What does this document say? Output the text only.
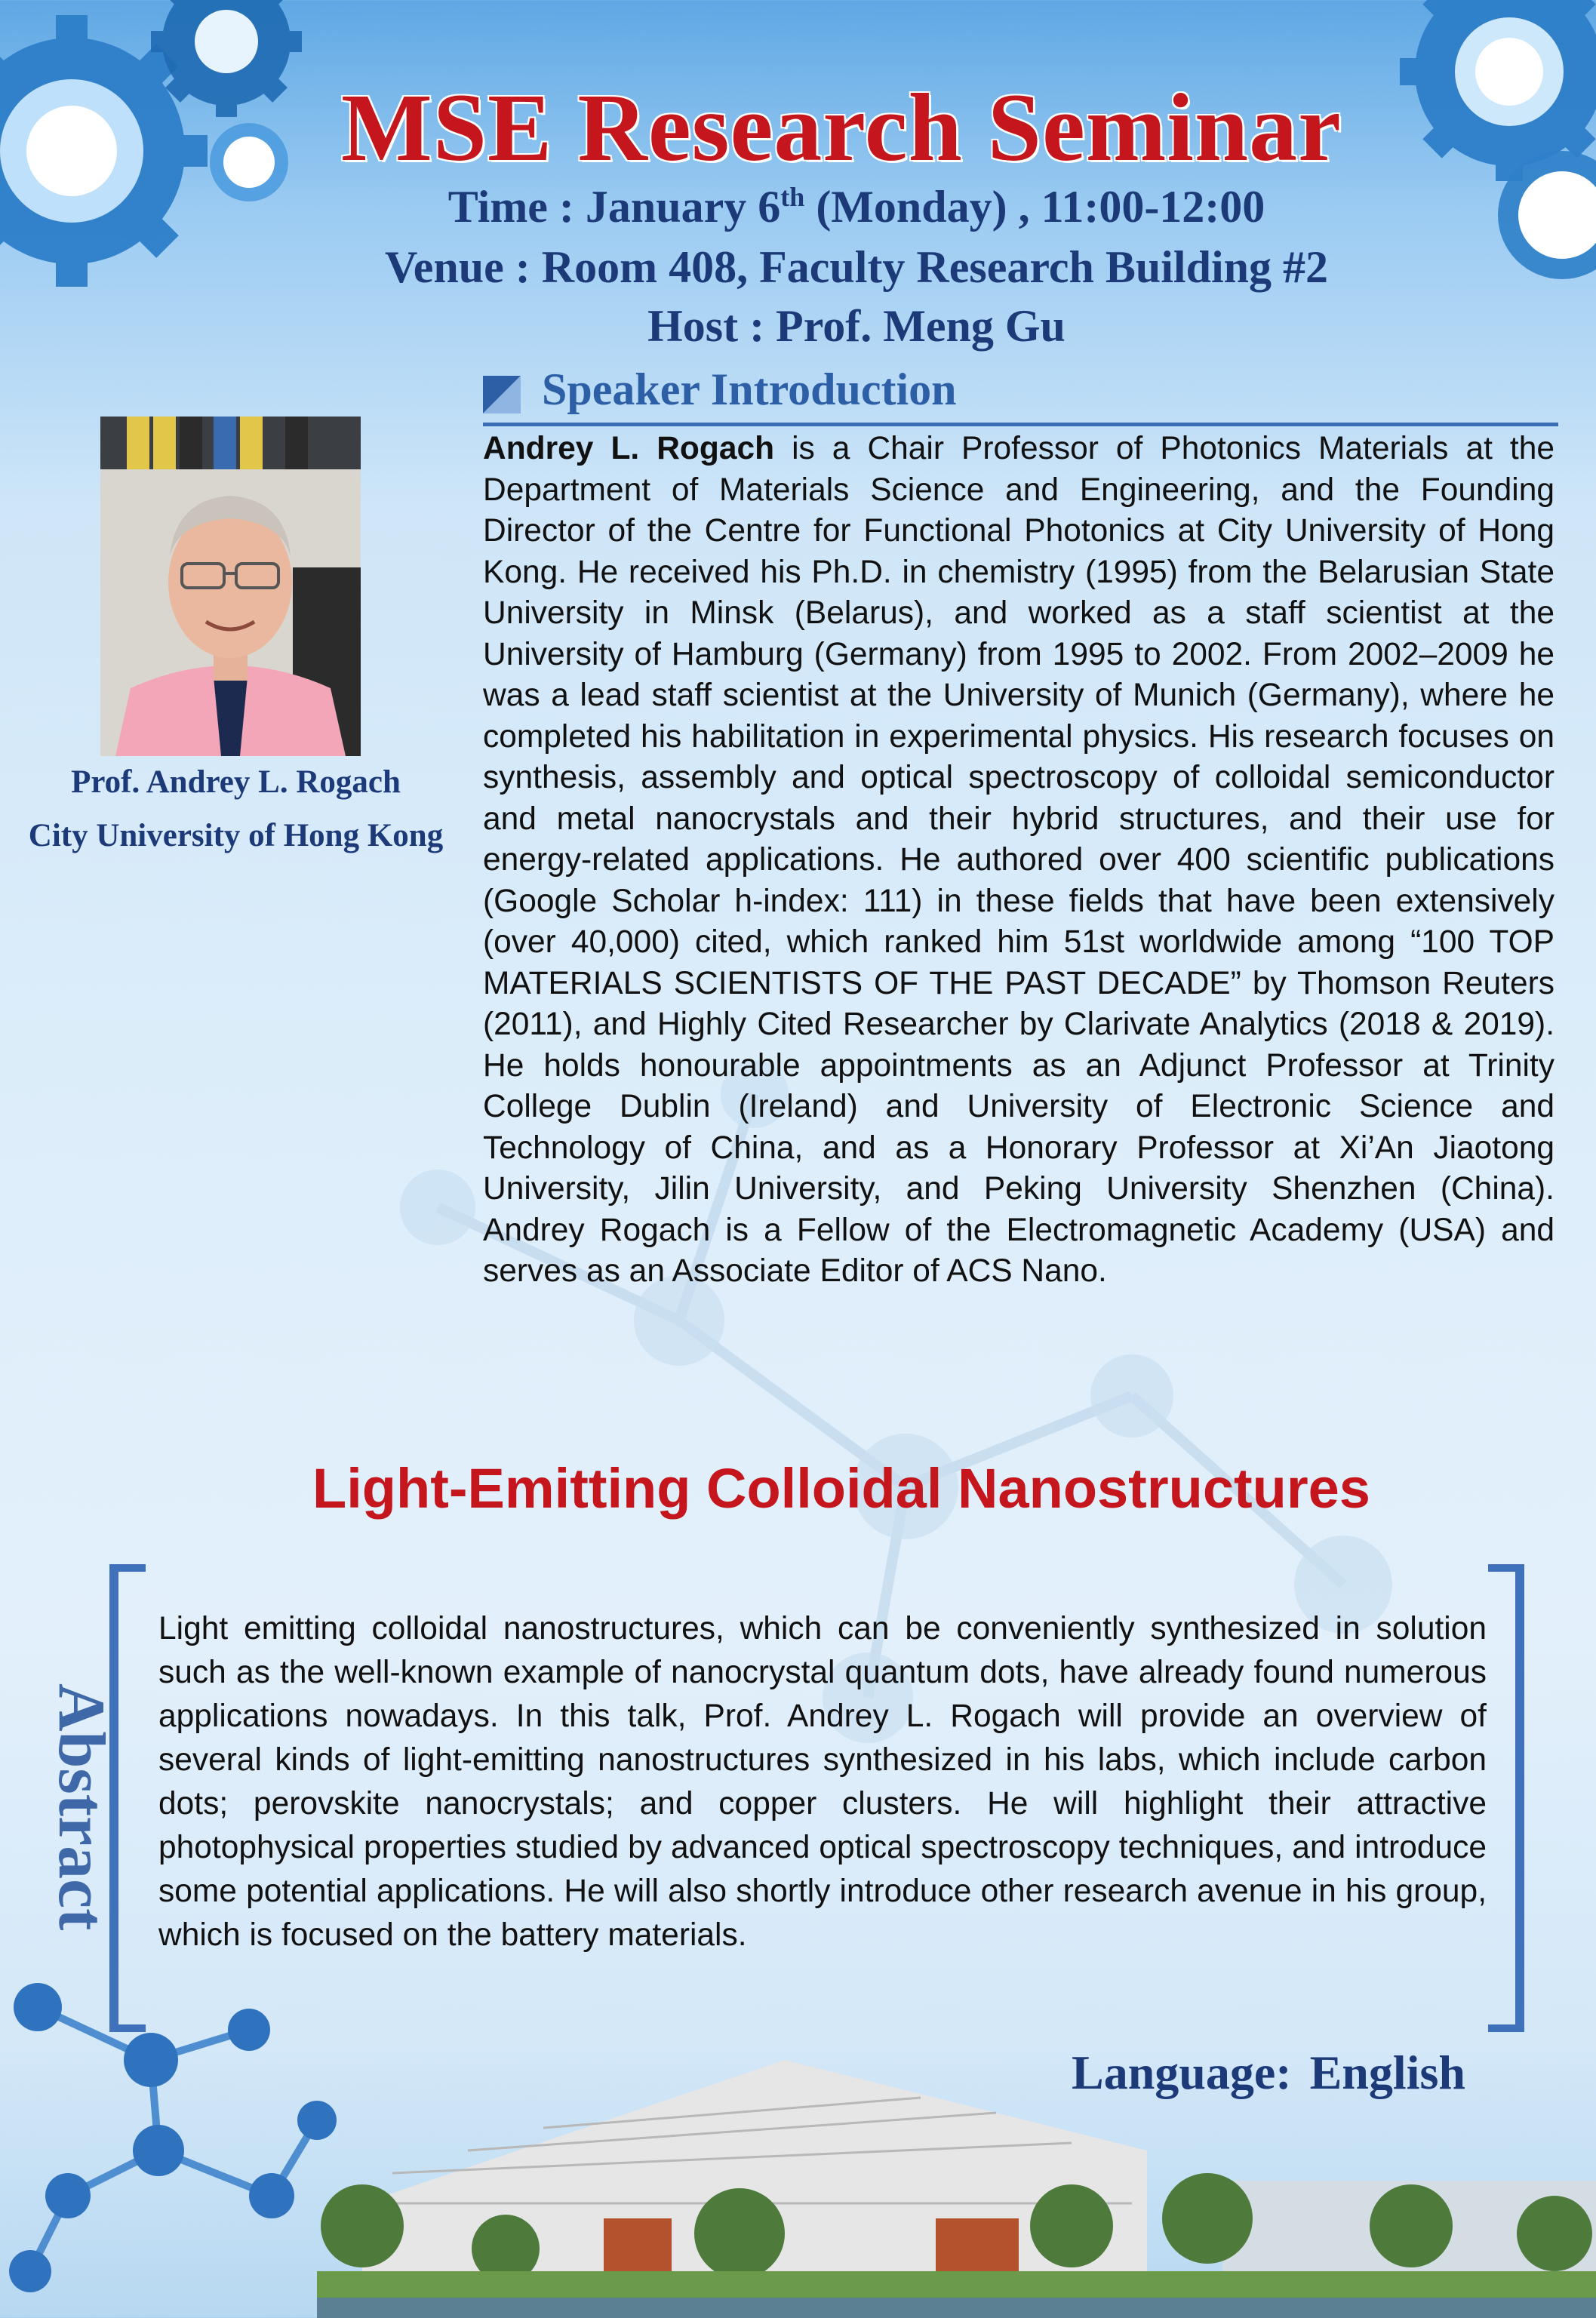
MSE Research Seminar
Time : January 6th (Monday) , 11:00-12:00
Venue : Room 408, Faculty Research Building #2
Host : Prof. Meng Gu
Speaker Introduction
Prof. Andrey L. Rogach
City University of Hong Kong
Andrey L. Rogach is a Chair Professor of Photonics Materials at the Department of Materials Science and Engineering, and the Founding Director of the Centre for Functional Photonics at City University of Hong Kong. He received his Ph.D. in chemistry (1995) from the Belarusian State University in Minsk (Belarus), and worked as a staff scientist at the University of Hamburg (Germany) from 1995 to 2002. From 2002–2009 he was a lead staff scientist at the University of Munich (Germany), where he completed his habilitation in experimental physics. His research focuses on synthesis, assembly and optical spectroscopy of colloidal semiconductor and metal nanocrystals and their hybrid structures, and their use for energy-related applications. He authored over 400 scientific publications (Google Scholar h-index: 111) in these fields that have been extensively (over 40,000) cited, which ranked him 51st worldwide among “100 TOP MATERIALS SCIENTISTS OF THE PAST DECADE” by Thomson Reuters (2011), and Highly Cited Researcher by Clarivate Analytics (2018 & 2019). He holds honourable appointments as an Adjunct Professor at Trinity College Dublin (Ireland) and University of Electronic Science and Technology of China, and as a Honorary Professor at Xi’An Jiaotong University, Jilin University, and Peking University Shenzhen (China). Andrey Rogach is a Fellow of the Electromagnetic Academy (USA) and serves as an Associate Editor of ACS Nano.
Light-Emitting Colloidal Nanostructures
Abstract
Light emitting colloidal nanostructures, which can be conveniently synthesized in solution such as the well-known example of nanocrystal quantum dots, have already found numerous applications nowadays. In this talk, Prof. Andrey L. Rogach will provide an overview of several kinds of light-emitting nanostructures synthesized in his labs, which include carbon dots; perovskite nanocrystals; and copper clusters. He will highlight their attractive photophysical properties studied by advanced optical spectroscopy techniques, and introduce some potential applications. He will also shortly introduce other research avenue in his group, which is focused on the battery materials.
Language: English
